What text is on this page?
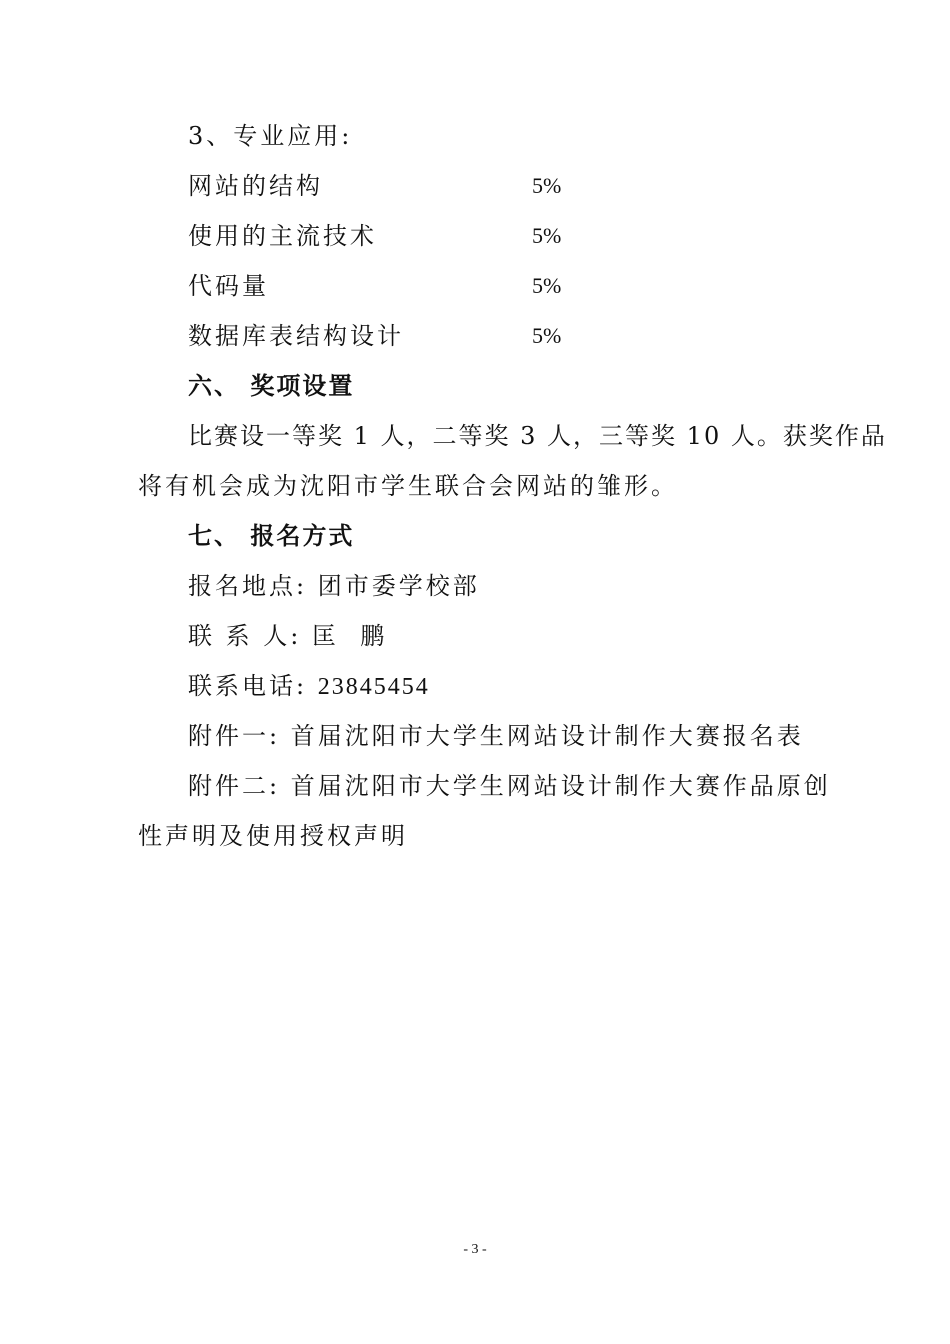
3、专业应用:
网站的结构	5%
使用的主流技术	5%
代码量	5%
数据库表结构设计	5%
六、 奖项设置
比赛设一等奖 1 人，二等奖 3 人，三等奖 10 人。获奖作品
将有机会成为沈阳市学生联合会网站的雏形。
七、 报名方式
报名地点: 团市委学校部
联 系 人: 匡  鹏
联系电话: 23845454
附件一: 首届沈阳市大学生网站设计制作大赛报名表
附件二: 首届沈阳市大学生网站设计制作大赛作品原创
性声明及使用授权声明
- 3 -
